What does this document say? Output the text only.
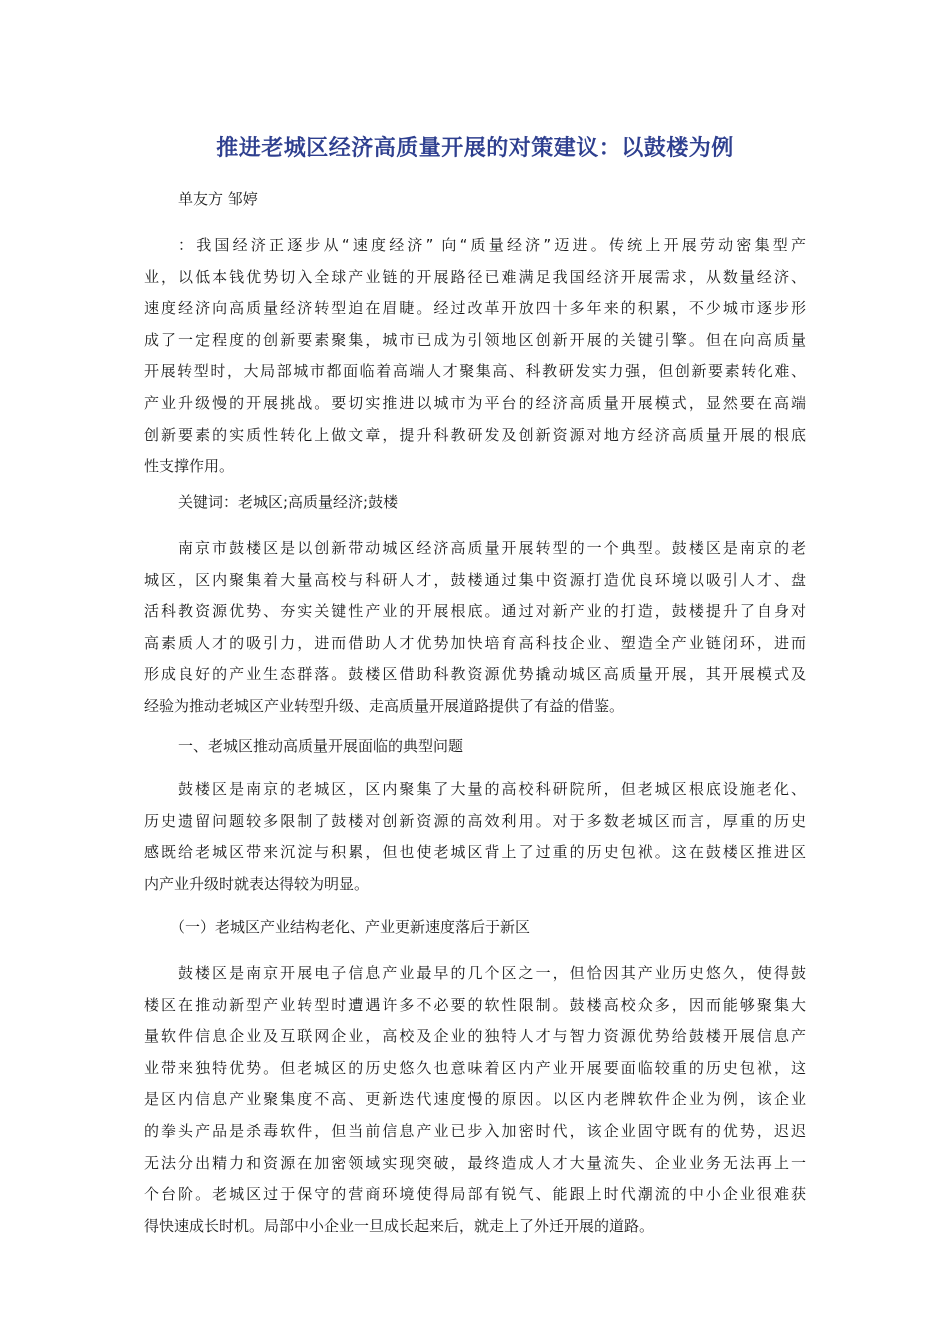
推进老城区经济高质量开展的对策建议：以鼓楼为例
单友方 邹婷
：我国经济正逐步从“速度经济” 向“质量经济”迈进。传统上开展劳动密集型产
业，以低本钱优势切入全球产业链的开展路径已难满足我国经济开展需求，从数量经济、
速度经济向高质量经济转型迫在眉睫。经过改革开放四十多年来的积累，不少城市逐步形
成了一定程度的创新要素聚集，城市已成为引领地区创新开展的关键引擎。但在向高质量
开展转型时，大局部城市都面临着高端人才聚集高、科教研发实力强，但创新要素转化难、
产业升级慢的开展挑战。要切实推进以城市为平台的经济高质量开展模式，显然要在高端
创新要素的实质性转化上做文章，提升科教研发及创新资源对地方经济高质量开展的根底
性支撑作用。
关键词：老城区;高质量经济;鼓楼
南京市鼓楼区是以创新带动城区经济高质量开展转型的一个典型。鼓楼区是南京的老
城区，区内聚集着大量高校与科研人才，鼓楼通过集中资源打造优良环境以吸引人才、盘
活科教资源优势、夯实关键性产业的开展根底。通过对新产业的打造，鼓楼提升了自身对
高素质人才的吸引力，进而借助人才优势加快培育高科技企业、塑造全产业链闭环，进而
形成良好的产业生态群落。鼓楼区借助科教资源优势撬动城区高质量开展，其开展模式及
经验为推动老城区产业转型升级、走高质量开展道路提供了有益的借鉴。
一、老城区推动高质量开展面临的典型问题
鼓楼区是南京的老城区，区内聚集了大量的高校科研院所，但老城区根底设施老化、
历史遗留问题较多限制了鼓楼对创新资源的高效利用。对于多数老城区而言，厚重的历史
感既给老城区带来沉淀与积累，但也使老城区背上了过重的历史包袱。这在鼓楼区推进区
内产业升级时就表达得较为明显。
（一）老城区产业结构老化、产业更新速度落后于新区
鼓楼区是南京开展电子信息产业最早的几个区之一，但恰因其产业历史悠久，使得鼓
楼区在推动新型产业转型时遭遇许多不必要的软性限制。鼓楼高校众多，因而能够聚集大
量软件信息企业及互联网企业，高校及企业的独特人才与智力资源优势给鼓楼开展信息产
业带来独特优势。但老城区的历史悠久也意味着区内产业开展要面临较重的历史包袱，这
是区内信息产业聚集度不高、更新迭代速度慢的原因。以区内老牌软件企业为例，该企业
的拳头产品是杀毒软件，但当前信息产业已步入加密时代，该企业固守既有的优势，迟迟
无法分出精力和资源在加密领域实现突破，最终造成人才大量流失、企业业务无法再上一
个台阶。老城区过于保守的营商环境使得局部有锐气、能跟上时代潮流的中小企业很难获
得快速成长时机。局部中小企业一旦成长起来后，就走上了外迁开展的道路。
